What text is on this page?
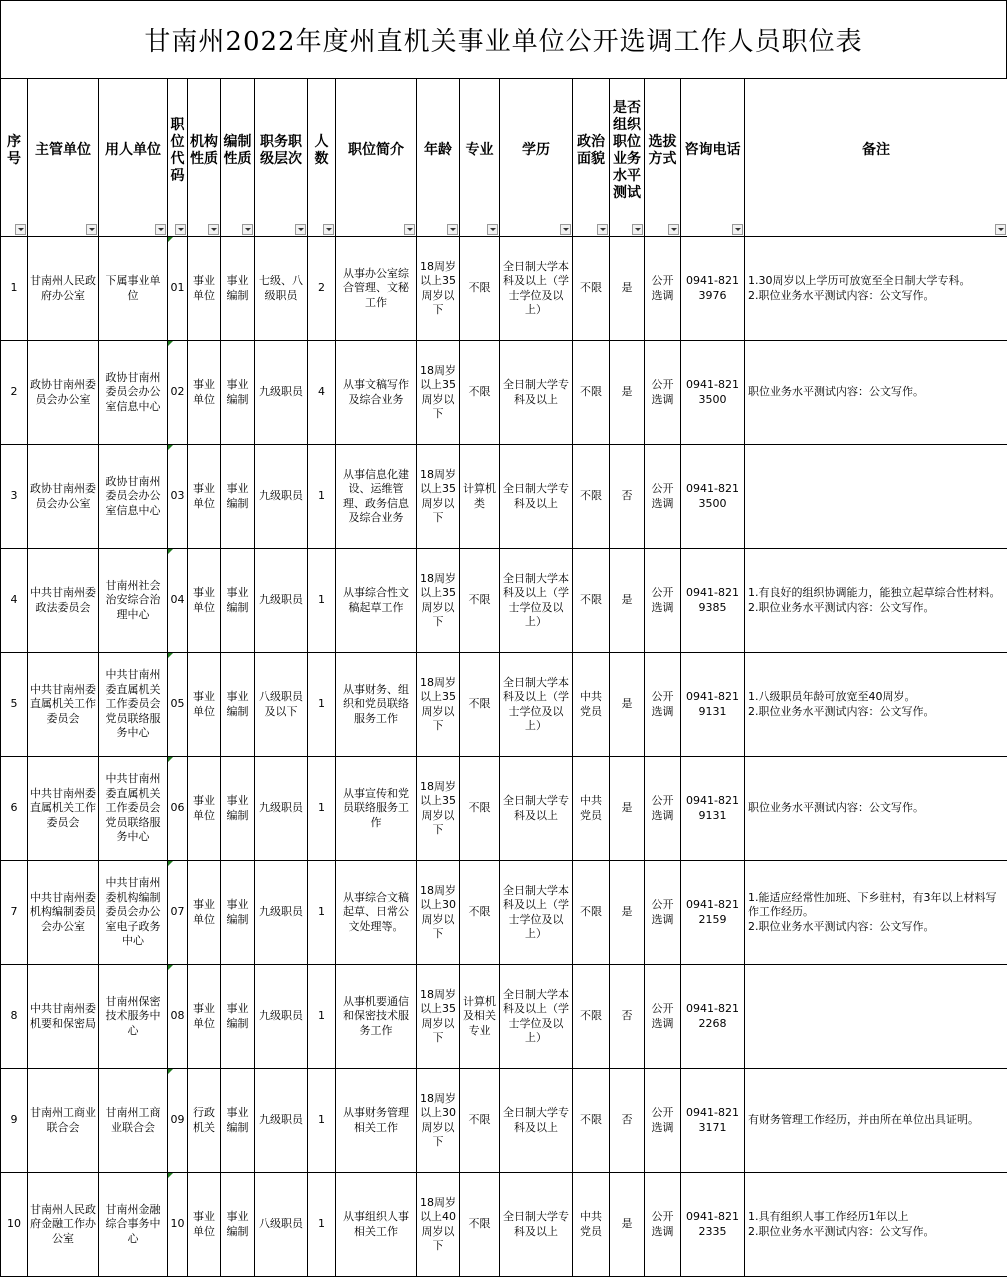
甘南州2022年度州直机关事业单位公开选调工作人员职位表
序号	主管单位	用人单位	职位代码	机构性质	编制性质	职务职级层次	人数	职位简介	年龄	专业	学历	政治面貌	是否组织职位业务水平测试	选拔方式	咨询电话	备注

1	甘南州人民政府办公室	下属事业单位	01	事业单位	事业编制	七级、八级职员	2	从事办公室综合管理、文秘工作	18周岁以上35周岁以下	不限	全日制大学本科及以上（学士学位及以上）	不限	是	公开选调	0941-8213976	1.30周岁以上学历可放宽至全日制大学专科。
2.职位业务水平测试内容：公文写作。

2	政协甘南州委员会办公室	政协甘南州委员会办公室信息中心	02	事业单位	事业编制	九级职员	4	从事文稿写作及综合业务	18周岁以上35周岁以下	不限	全日制大学专科及以上	不限	是	公开选调	0941-8213500	职位业务水平测试内容：公文写作。

3	政协甘南州委员会办公室	政协甘南州委员会办公室信息中心	03	事业单位	事业编制	九级职员	1	从事信息化建设、运维管理、政务信息及综合业务	18周岁以上35周岁以下	计算机类	全日制大学专科及以上	不限	否	公开选调	0941-8213500	

4	中共甘南州委政法委员会	甘南州社会治安综合治理中心	04	事业单位	事业编制	九级职员	1	从事综合性文稿起草工作	18周岁以上35周岁以下	不限	全日制大学本科及以上（学士学位及以上）	不限	是	公开选调	0941-8219385	1.有良好的组织协调能力，能独立起草综合性材料。
2.职位业务水平测试内容：公文写作。

5	中共甘南州委直属机关工作委员会	中共甘南州委直属机关工作委员会党员联络服务中心	05	事业单位	事业编制	八级职员及以下	1	从事财务、组织和党员联络服务工作	18周岁以上35周岁以下	不限	全日制大学本科及以上（学士学位及以上）	中共党员	是	公开选调	0941-8219131	1.八级职员年龄可放宽至40周岁。
2.职位业务水平测试内容：公文写作。

6	中共甘南州委直属机关工作委员会	中共甘南州委直属机关工作委员会党员联络服务中心	06	事业单位	事业编制	九级职员	1	从事宣传和党员联络服务工作	18周岁以上35周岁以下	不限	全日制大学专科及以上	中共党员	是	公开选调	0941-8219131	职位业务水平测试内容：公文写作。

7	中共甘南州委机构编制委员会办公室	中共甘南州委机构编制委员会办公室电子政务中心	07	事业单位	事业编制	九级职员	1	从事综合文稿起草、日常公文处理等。	18周岁以上30周岁以下	不限	全日制大学本科及以上（学士学位及以上）	不限	是	公开选调	0941-8212159	1.能适应经常性加班、下乡驻村，有3年以上材料写作工作经历。
2.职位业务水平测试内容：公文写作。

8	中共甘南州委机要和保密局	甘南州保密技术服务中心	08	事业单位	事业编制	九级职员	1	从事机要通信和保密技术服务工作	18周岁以上35周岁以下	计算机及相关专业	全日制大学本科及以上（学士学位及以上）	不限	否	公开选调	0941-8212268	

9	甘南州工商业联合会	甘南州工商业联合会	09	行政机关	事业编制	九级职员	1	从事财务管理相关工作	18周岁以上30周岁以下	不限	全日制大学专科及以上	不限	否	公开选调	0941-8213171	有财务管理工作经历，并由所在单位出具证明。

10	甘南州人民政府金融工作办公室	甘南州金融综合事务中心	10	事业单位	事业编制	八级职员	1	从事组织人事相关工作	18周岁以上40周岁以下	不限	全日制大学专科及以上	中共党员	是	公开选调	0941-8212335	1.具有组织人事工作经历1年以上
2.职位业务水平测试内容：公文写作。
